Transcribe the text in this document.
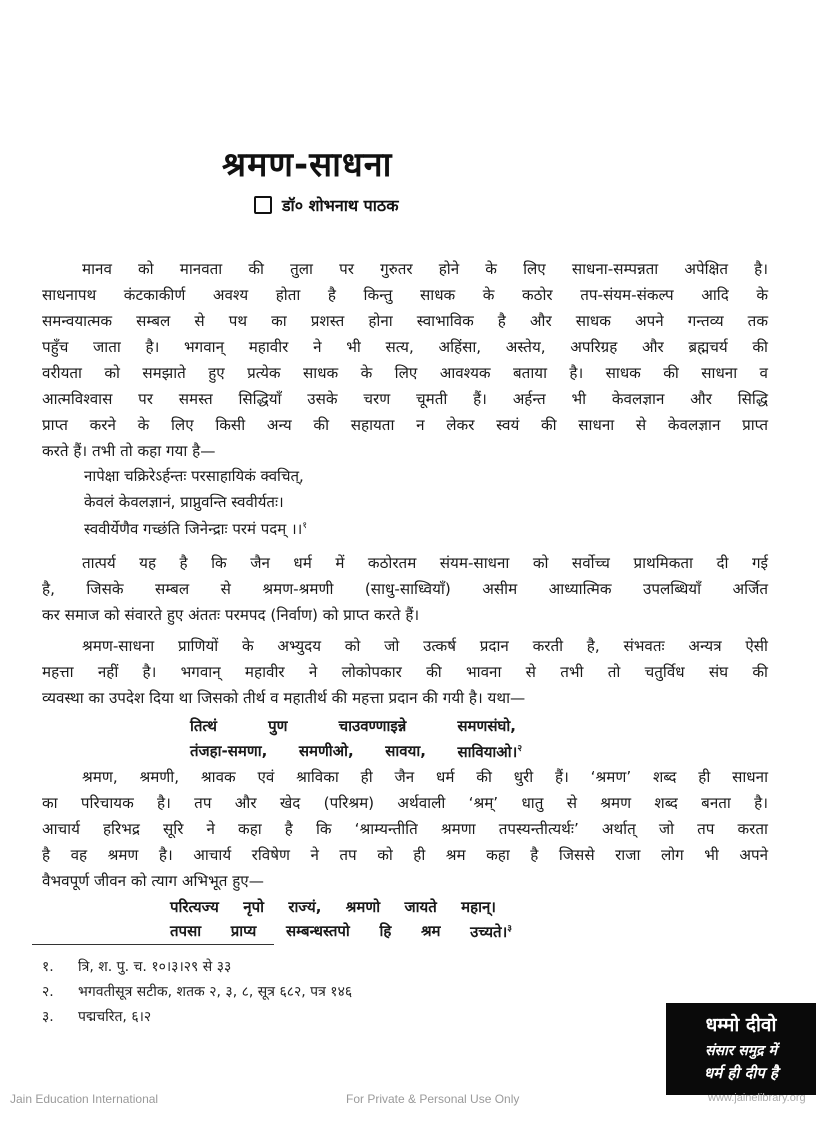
श्रमण-साधना
डॉ० शोभनाथ पाठक
मानव को मानवता की तुला पर गुरुतर होने के लिए साधना-सम्पन्नता अपेक्षित है।
साधनापथ कंटकाकीर्ण अवश्य होता है किन्तु साधक के कठोर तप-संयम-संकल्प आदि के
समन्वयात्मक सम्बल से पथ का प्रशस्त होना स्वाभाविक है और साधक अपने गन्तव्य तक
पहुँच जाता है। भगवान् महावीर ने भी सत्य, अहिंसा, अस्तेय, अपरिग्रह और ब्रह्मचर्य की
वरीयता को समझाते हुए प्रत्येक साधक के लिए आवश्यक बताया है। साधक की साधना व
आत्मविश्वास पर समस्त सिद्धियाँ उसके चरण चूमती हैं। अर्हन्त भी केवलज्ञान और सिद्धि
प्राप्त करने के लिए किसी अन्य की सहायता न लेकर स्वयं की साधना से केवलज्ञान प्राप्त
करते हैं। तभी तो कहा गया है—
नापेक्षा चक्रिरेऽर्हन्तः परसाहायिकं क्वचित्,
केवलं केवलज्ञानं, प्राप्नुवन्ति स्ववीर्यतः।
स्ववीर्येणैव गच्छंति जिनेन्द्राः परमं पदम् ।।$^१$
तात्पर्य यह है कि जैन धर्म में कठोरतम संयम-साधना को सर्वोच्च प्राथमिकता दी गई
है, जिसके सम्बल से श्रमण-श्रमणी (साधु-साध्वियाँ) असीम आध्यात्मिक उपलब्धियाँ अर्जित
कर समाज को संवारते हुए अंततः परमपद (निर्वाण) को प्राप्त करते हैं।
श्रमण-साधना प्राणियों के अभ्युदय को जो उत्कर्ष प्रदान करती है, संभवतः अन्यत्र ऐसी
महत्ता नहीं है। भगवान् महावीर ने लोकोपकार की भावना से तभी तो चतुर्विध संघ की
व्यवस्था का उपदेश दिया था जिसको तीर्थ व महातीर्थ की महत्ता प्रदान की गयी है। यथा—
तित्थं	पुण	चाउवण्णाइन्ने	समणसंघो,
तंजहा-समणा, समणीओ, सावया, सावियाओ।$^२$
श्रमण, श्रमणी, श्रावक एवं श्राविका ही जैन धर्म की धुरी हैं। ‘श्रमण’ शब्द ही साधना
का परिचायक है। तप और खेद (परिश्रम) अर्थवाली ‘श्रम्’ धातु से श्रमण शब्द बनता है।
आचार्य हरिभद्र सूरि ने कहा है कि ‘श्राम्यन्तीति श्रमणा तपस्यन्तीत्यर्थः’ अर्थात् जो तप करता
है वह श्रमण है। आचार्य रविषेण ने तप को ही श्रम कहा है जिससे राजा लोग भी अपने
वैभवपूर्ण जीवन को त्याग अभिभूत हुए—
परित्यज्य नृपो राज्यं, श्रमणो जायते महान्।
तपसा प्राप्य सम्बन्धस्तपो हि श्रम उच्यते।$^३$
१. त्रि, श. पु. च. १०।३।२९ से ३३
२. भगवतीसूत्र सटीक, शतक २, ३, ८, सूत्र ६८२, पत्र १४६
३. पद्मचरित, ६।२	धम्मो दीवो
संसार समुद्र में
धर्म ही दीप है
Jain Education International	For Private & Personal Use Only	www.jainelibrary.org
